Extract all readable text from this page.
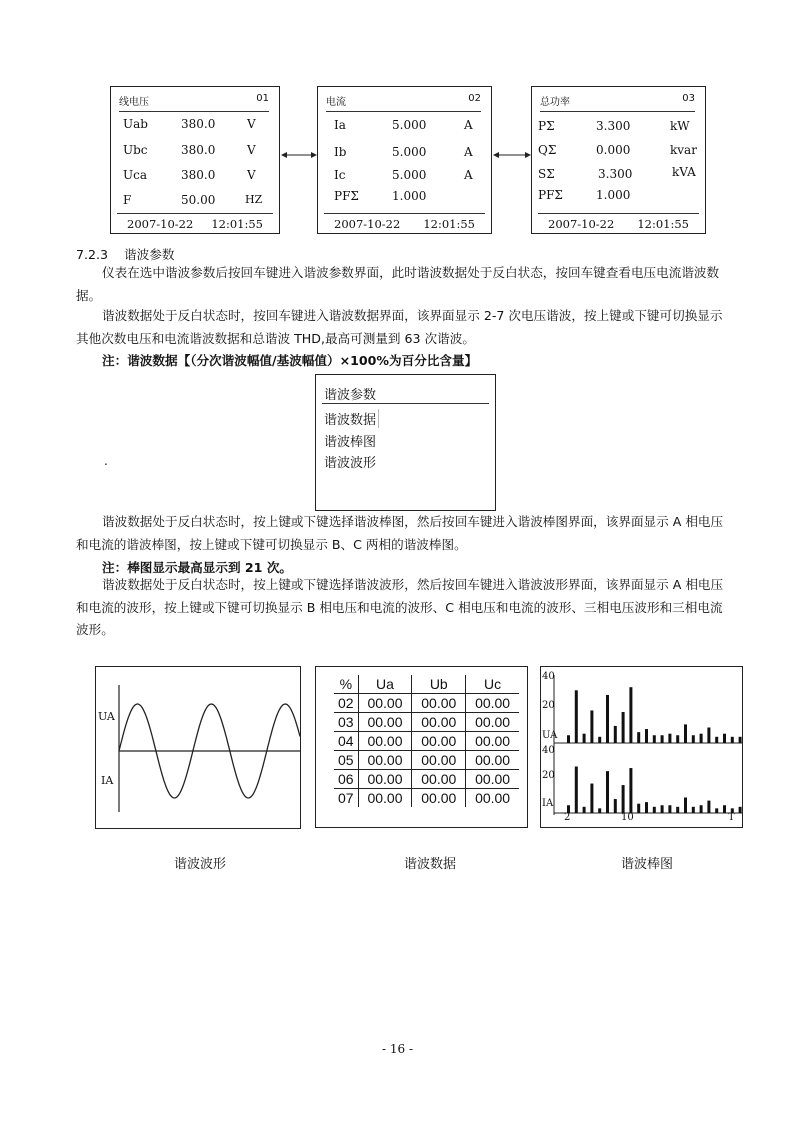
线电压	01
Uab	380.0	V
Ubc	380.0	V
Uca	380.0	V
F	50.00	HZ
2007-10-22 12:01:55
电流	02
Ia	5.000	A
Ib	5.000	A
Ic	5.000	A
PFΣ	1.000
2007-10-22 12:01:55
总功率	03
PΣ	3.300	kW
QΣ	0.000	kvar
SΣ	3.300	kVA
PFΣ	1.000
2007-10-22 12:01:55
7.2.3 谐波参数
仪表在选中谐波参数后按回车键进入谐波参数界面，此时谐波数据处于反白状态，按回车键查看电压电流谐波数据。
谐波数据处于反白状态时，按回车键进入谐波数据界面，该界面显示 2-7 次电压谐波，按上键或下键可切换显示其他次数电压和电流谐波数据和总谐波 THD,最高可测量到 63 次谐波。
注：谐波数据【（分次谐波幅值/基波幅值）×100%为百分比含量】
.
谐波参数
谐波数据
谐波棒图
谐波波形
谐波数据处于反白状态时，按上键或下键选择谐波棒图，然后按回车键进入谐波棒图界面，该界面显示 A 相电压和电流的谐波棒图，按上键或下键可切换显示 B、C 两相的谐波棒图。
注：棒图显示最高显示到 21 次。
谐波数据处于反白状态时，按上键或下键选择谐波波形，然后按回车键进入谐波波形界面，该界面显示 A 相电压和电流的波形，按上键或下键可切换显示 B 相电压和电流的波形、C 相电压和电流的波形、三相电压波形和三相电流波形。
UA
IA
谐波波形
%	Ua	Ub	Uc
02	00.00	00.00	00.00
03	00.00	00.00	00.00
04	00.00	00.00	00.00
05	00.00	00.00	00.00
06	00.00	00.00	00.00
07	00.00	00.00	00.00
谐波数据
40
20
UA
40
20
IA
2	10	T
谐波棒图
- 16 -
